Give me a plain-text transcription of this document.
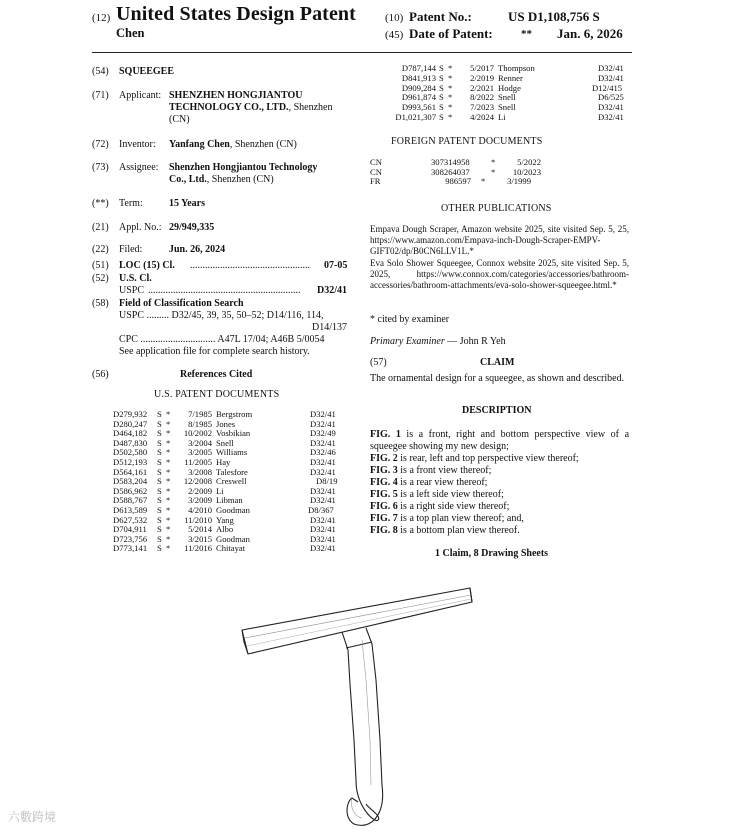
(12) United States Design Patent
Chen
(10) Patent No.:	US D1,108,756 S
(45) Date of Patent:	** Jan. 6, 2026
(54) SQUEEGEE
(71) Applicant: SHENZHEN HONGJIANTOU
TECHNOLOGY CO., LTD., Shenzhen
(CN)
(72) Inventor: Yanfang Chen, Shenzhen (CN)
(73) Assignee: Shenzhen Hongjiantou Technology
Co., Ltd., Shenzhen (CN)
(**) Term:	15 Years
(21) Appl. No.: 29/949,335
(22) Filed:	Jun. 26, 2024
(51) LOC (15) Cl. ................................................ 07-05
(52) U.S. Cl.
USPC .............................................................	D32/41
(58) Field of Classification Search
USPC ......... D32/45, 39, 35, 50–52; D14/116, 114,
D14/137
CPC .............................. A47L 17/04; A46B 5/0054
See application file for complete search history.
(56)	References Cited
U.S. PATENT DOCUMENTS
D279,932	S *	7/1985 Bergstrom	D32/41
D280,247	S *	8/1985 Jones	D32/41
D464,182	S *	10/2002 Vosbikian	D32/49
D487,830	S *	3/2004 Snell	D32/41
D502,580	S *	3/2005 Williams	D32/46
D512,193	S *	11/2005 Hay	D32/41
D564,161	S *	3/2008 Talesfore	D32/41
D583,204	S *	12/2008 Creswell	D8/19
D586,962	S *	2/2009 Li	D32/41
D588,767	S *	3/2009 Libman	D32/41
D613,589	S *	4/2010 Goodman	D8/367
D627,532	S *	11/2010 Yang	D32/41
D704,911	S *	5/2014 Albo	D32/41
D723,756	S *	3/2015 Goodman	D32/41
D773,141	S *	11/2016 Chitayat	D32/41
D787,144 S *	5/2017 Thompson	D32/41
D841,913 S *	2/2019 Renner	D32/41
D909,284 S *	2/2021 Hodge	D12/415
D961,874 S *	8/2022 Snell	D6/525
D993,561 S *	7/2023 Snell	D32/41
D1,021,307 S *	4/2024 Li	D32/41
FOREIGN PATENT DOCUMENTS
CN	307314958	*	5/2022
CN	308264037	*	10/2023
FR	986597	*	3/1999
OTHER PUBLICATIONS
Empava Dough Scraper, Amazon website 2025, site visited Sep. 5, 25, https://www.amazon.com/Empava-inch-Dough-Scraper-EMPV-GIFT02/dp/B0CN6LLV1L.*
Eva Solo Shower Squeegee, Connox website 2025, site visited Sep. 5, 2025, https://www.connox.com/categories/accessories/bathroom-accessories/bathroom-attachments/eva-solo-shower-squeegee.html.*
* cited by examiner
Primary Examiner — John R Yeh
(57)	CLAIM
The ornamental design for a squeegee, as shown and described.
DESCRIPTION
FIG. 1 is a front, right and bottom perspective view of a squeegee showing my new design;
FIG. 2 is rear, left and top perspective view thereof;
FIG. 3 is a front view thereof;
FIG. 4 is a rear view thereof;
FIG. 5 is a left side view thereof;
FIG. 6 is a right side view thereof;
FIG. 7 is a top plan view thereof; and,
FIG. 8 is a bottom plan view thereof.
1 Claim, 8 Drawing Sheets
六數跨境
